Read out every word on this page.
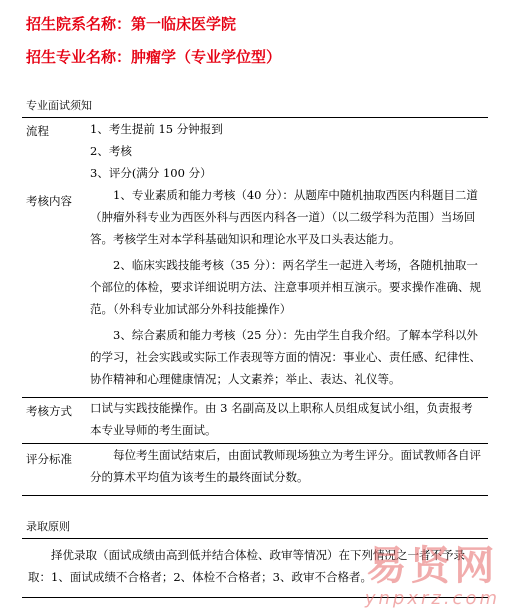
招生院系名称：第一临床医学院
招生专业名称：肿瘤学（专业学位型）
专业面试须知
流程	1、考生提前 15 分钟报到

2、考核

3、评分(满分 100 分）

考核内容	1、专业素质和能力考核（40 分）：从题库中随机抽取西医内科题目二道（肿瘤外科专业为西医外科与西医内科各一道）（以二级学科为范围）当场回答。考核学生对本学科基础知识和理论水平及口头表达能力。

2、临床实践技能考核（35 分）：两名学生一起进入考场，各随机抽取一个部位的体检，要求详细说明方法、注意事项并相互演示。要求操作准确、规范。（外科专业加试部分外科技能操作）

3、综合素质和能力考核（25 分）：先由学生自我介绍。了解本学科以外的学习，社会实践或实际工作表现等方面的情况：事业心、责任感、纪律性、协作精神和心理健康情况；人文素养；举止、表达、礼仪等。

考核方式 口试与实践技能操作。由 3 名副高及以上职称人员组成复试小组，负责报考本专业导师的考生面试。

评分标准	每位考生面试结束后，由面试教师现场独立为考生评分。面试教师各自评分的算术平均值为该考生的最终面试分数。

录取原则

择优录取（面试成绩由高到低并结合体检、政审等情况）在下列情况之一者不予录取：1、面试成绩不合格者；2、体检不合格者；3、政审不合格者。

易贤网
ynpxrz.com
